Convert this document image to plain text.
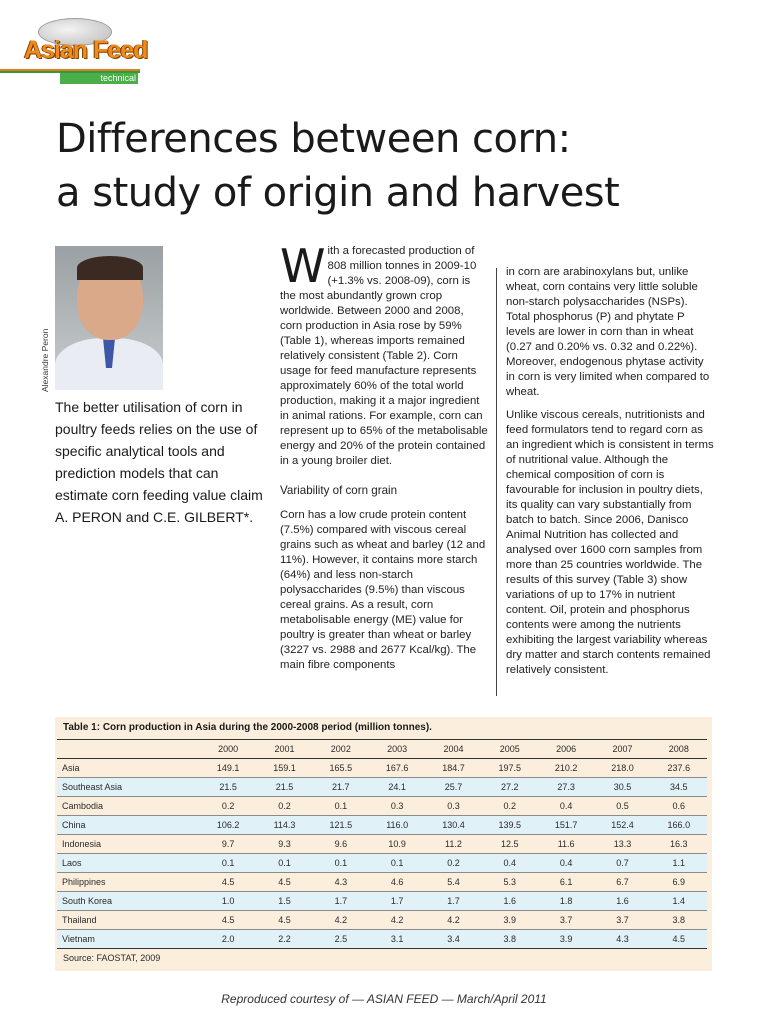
Asian Feed
technical
Differences between corn:
a study of origin and harvest
Alexandre Peron

The better utilisation of corn in poultry feeds relies on the use of specific analytical tools and prediction models that can estimate corn feeding value claim A. PERON and C.E. GILBERT*.

With a forecasted production of 808 million tonnes in 2009-10 (+1.3% vs. 2008-09), corn is the most abundantly grown crop worldwide. Between 2000 and 2008, corn production in Asia rose by 59% (Table 1), whereas imports remained relatively consistent (Table 2). Corn usage for feed manufacture represents approximately 60% of the total world production, making it a major ingredient in animal rations. For example, corn can represent up to 65% of the metabolisable energy and 20% of the protein contained in a young broiler diet.

Variability of corn grain

Corn has a low crude protein content (7.5%) compared with viscous cereal grains such as wheat and barley (12 and 11%). However, it contains more starch (64%) and less non-starch polysaccharides (9.5%) than viscous cereal grains. As a result, corn metabolisable energy (ME) value for poultry is greater than wheat or barley (3227 vs. 2988 and 2677 Kcal/kg). The main fibre components

in corn are arabinoxylans but, unlike wheat, corn contains very little soluble non-starch polysaccharides (NSPs). Total phosphorus (P) and phytate P levels are lower in corn than in wheat (0.27 and 0.20% vs. 0.32 and 0.22%). Moreover, endogenous phytase activity in corn is very limited when compared to wheat.

Unlike viscous cereals, nutritionists and feed formulators tend to regard corn as an ingredient which is consistent in terms of nutritional value. Although the chemical composition of corn is favourable for inclusion in poultry diets, its quality can vary substantially from batch to batch. Since 2006, Danisco Animal Nutrition has collected and analysed over 1600 corn samples from more than 25 countries worldwide. The results of this survey (Table 3) show variations of up to 17% in nutrient content. Oil, protein and phosphorus contents were among the nutrients exhibiting the largest variability whereas dry matter and starch contents remained relatively consistent.

Table 1: Corn production in Asia during the 2000-2008 period (million tonnes).
	2000	2001	2002	2003	2004	2005	2006	2007	2008
Asia	149.1	159.1	165.5	167.6	184.7	197.5	210.2	218.0	237.6
Southeast Asia	21.5	21.5	21.7	24.1	25.7	27.2	27.3	30.5	34.5
Cambodia	0.2	0.2	0.1	0.3	0.3	0.2	0.4	0.5	0.6
China	106.2	114.3	121.5	116.0	130.4	139.5	151.7	152.4	166.0
Indonesia	9.7	9.3	9.6	10.9	11.2	12.5	11.6	13.3	16.3
Laos	0.1	0.1	0.1	0.1	0.2	0.4	0.4	0.7	1.1
Philippines	4.5	4.5	4.3	4.6	5.4	5.3	6.1	6.7	6.9
South Korea	1.0	1.5	1.7	1.7	1.7	1.6	1.8	1.6	1.4
Thailand	4.5	4.5	4.2	4.2	4.2	3.9	3.7	3.7	3.8
Vietnam	2.0	2.2	2.5	3.1	3.4	3.8	3.9	4.3	4.5
Source: FAOSTAT, 2009
Reproduced courtesy of — ASIAN FEED — March/April 2011
